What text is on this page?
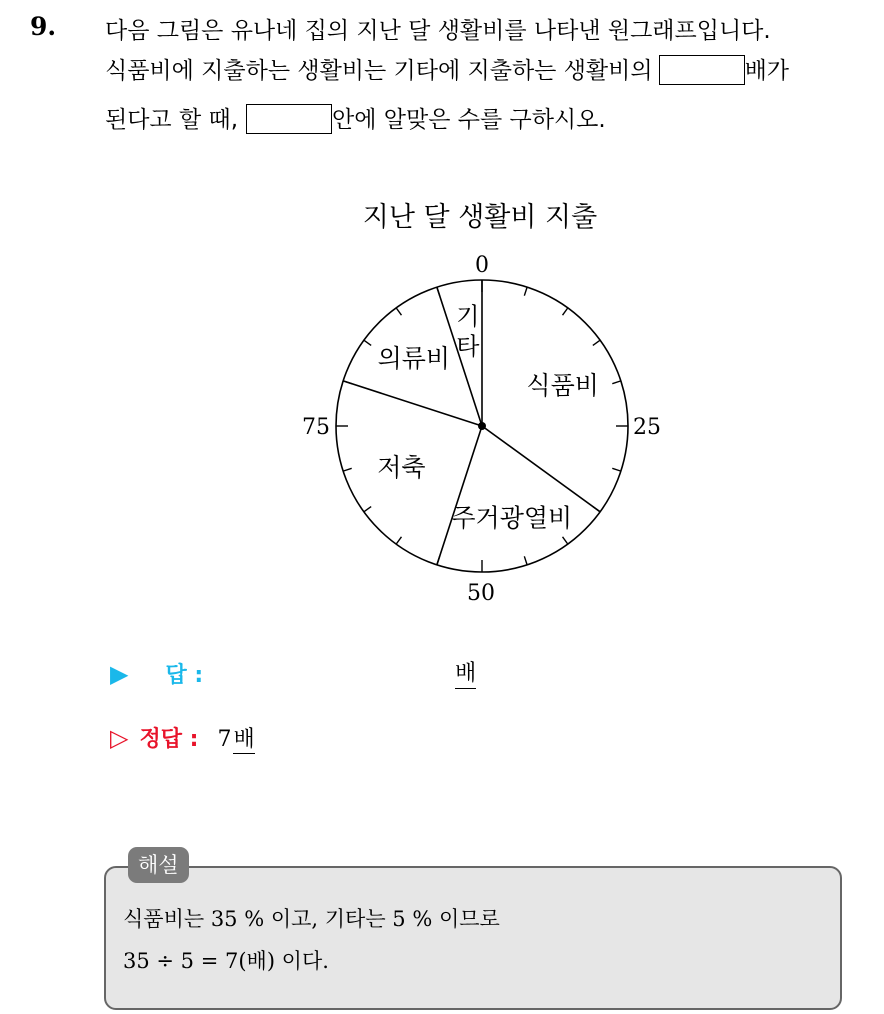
9. 다음 그림은 유나네 집의 지난 달 생활비를 나타낸 원그래프입니다.
식품비에 지출하는 생활비는 기타에 지출하는 생활비의	배가
된다고 할 때,	안에 알맞은 수를 구하시오.
지난 달 생활비 지출
식품비
주거광열비
저축
의류비
기
타
0
25
50
75
▶ 답 :	배
▷ 정답 : 7배
해설
식품비는 35 % 이고, 기타는 5 % 이므로
35 ÷ 5 = 7(배) 이다.
